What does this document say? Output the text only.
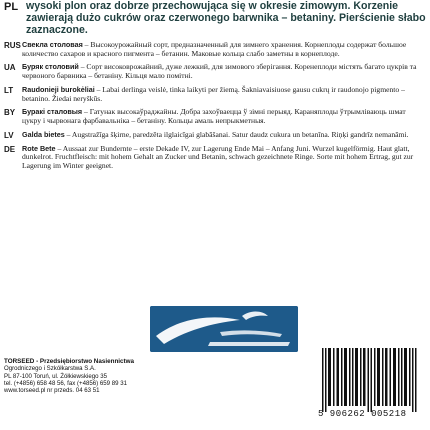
PL wysoki plon oraz dobrze przechowująca się w okresie zimowym. Korzenie zawierają dużo cukrów oraz czerwonego barwnika – betaniny. Pierścienie słabo zaznaczone.
RUS Свекла столовая – Высокоурожайный сорт, предназначенный для зимнего хранения. Корнеплоды содержат большое количество сахаров и красного пигмента – бетанин. Маковые кольца слабо заметны в корнеплоде.
UA Буряк столовий – Сорт високоврожайний, дуже лежкий, для зимового зберігання. Коренеплоди містять багато цукрів та червоного барвника – бетаніну. Кільця мало помітні.
LT	Raudonieji burokėliai – Labai derlinga veislė, tinka laikyti per žiemą. Šakniavaisiuose gausu cukrų ir raudonojo pigmento – betanino. Žiedai neryškūs.
BY Буракі сталовыя – Гатунак высокаўраджайны. Добра захоўваецца ў зімні перыяд. Караняплоды ўтрымліваюць шмат цукру і чырвонага фарбавальніка – бетаніну. Кольцы амаль непрыкметныя.
LV	Galda bietes – Augstražīga šķirne, paredzēta ilglaicīgai glabāšanai. Satur daudz cukura un betanīna. Riņķi gandrīz nemanāmi.
DE Rote Bete – Aussaat zur Bundernte – erste Dekade IV, zur Lagerung Ende Mai – Anfang Juni. Wurzel kugelförmig. Haut glatt, dunkelrot. Fruchtfleisch: mit hohem Gehalt an Zucker und Betanin, schwach gezeichnete Ringe. Sorte mit hohem Ertrag, gut zur Lagerung im Winter geeignet.
TORSEED - Przedsiębiorstwo Nasiennictwa
Ogrodniczego i Szkółkarstwa S.A.
PL 87-100 Toruń, ul. Żółkiewskiego 35
tel. (+4856) 658 48 56, fax (+4856) 659 89 31
www.torseed.pl nr przeds. 04 63 51
5 906262 005218
